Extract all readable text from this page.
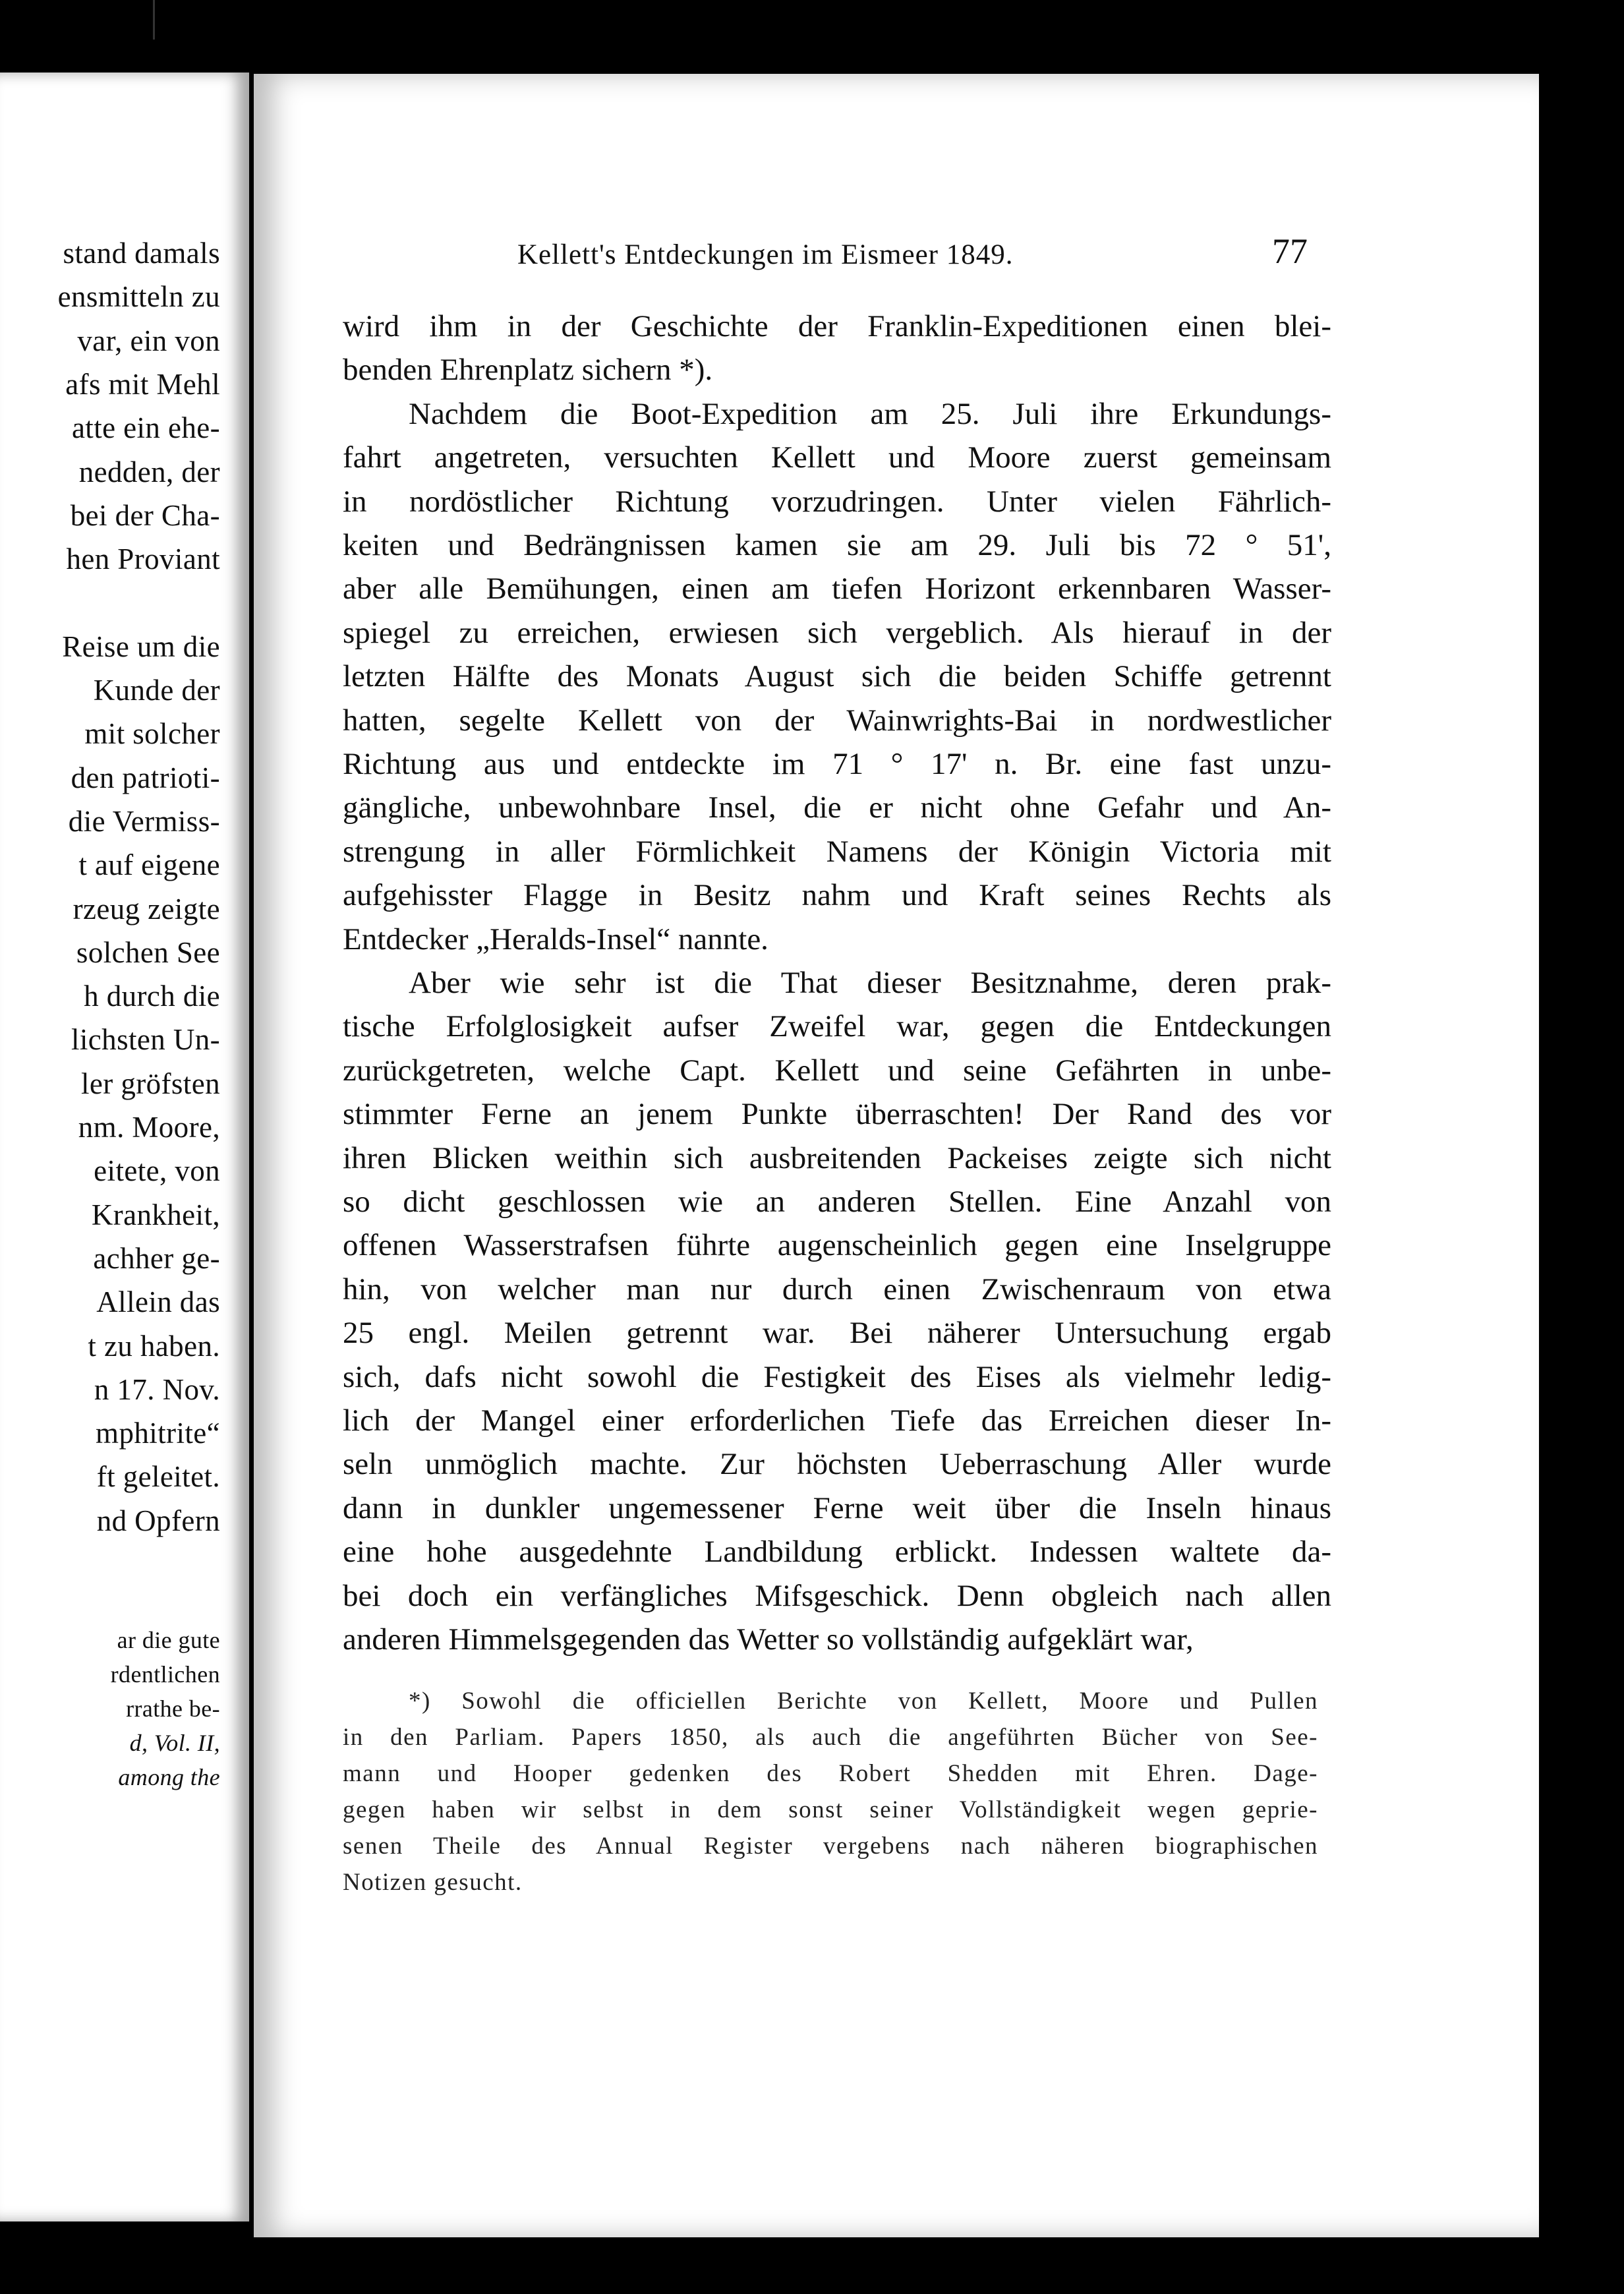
stand damals
ensmitteln zu
var, ein von
afs mit Mehl
atte ein ehe-
nedden, der
bei der Cha-
hen Proviant
Reise um die
Kunde der
mit solcher
den patrioti-
die Vermiss-
t auf eigene
rzeug zeigte
solchen See
h durch die
lichsten Un-
ler gröfsten
nm. Moore,
eitete, von
Krankheit,
achher ge-
Allein das
t zu haben.
n 17. Nov.
mphitrite“
ft geleitet.
nd Opfern
ar die gute
rdentlichen
rrathe be-
d, Vol. II,
among the
Kellett's Entdeckungen im Eismeer 1849.	77
wird ihm in der Geschichte der Franklin-Expeditionen einen blei-
benden Ehrenplatz sichern *).
Nachdem die Boot-Expedition am 25. Juli ihre Erkundungs-
fahrt angetreten, versuchten Kellett und Moore zuerst gemeinsam
in nordöstlicher Richtung vorzudringen. Unter vielen Fährlich-
keiten und Bedrängnissen kamen sie am 29. Juli bis 72 ° 51',
aber alle Bemühungen, einen am tiefen Horizont erkennbaren Wasser-
spiegel zu erreichen, erwiesen sich vergeblich. Als hierauf in der
letzten Hälfte des Monats August sich die beiden Schiffe getrennt
hatten, segelte Kellett von der Wainwrights-Bai in nordwestlicher
Richtung aus und entdeckte im 71 ° 17' n. Br. eine fast unzu-
gängliche, unbewohnbare Insel, die er nicht ohne Gefahr und An-
strengung in aller Förmlichkeit Namens der Königin Victoria mit
aufgehisster Flagge in Besitz nahm und Kraft seines Rechts als
Entdecker „Heralds-Insel“ nannte.
Aber wie sehr ist die That dieser Besitznahme, deren prak-
tische Erfolglosigkeit aufser Zweifel war, gegen die Entdeckungen
zurückgetreten, welche Capt. Kellett und seine Gefährten in unbe-
stimmter Ferne an jenem Punkte überraschten! Der Rand des vor
ihren Blicken weithin sich ausbreitenden Packeises zeigte sich nicht
so dicht geschlossen wie an anderen Stellen. Eine Anzahl von
offenen Wasserstrafsen führte augenscheinlich gegen eine Inselgruppe
hin, von welcher man nur durch einen Zwischenraum von etwa
25 engl. Meilen getrennt war. Bei näherer Untersuchung ergab
sich, dafs nicht sowohl die Festigkeit des Eises als vielmehr ledig-
lich der Mangel einer erforderlichen Tiefe das Erreichen dieser In-
seln unmöglich machte. Zur höchsten Ueberraschung Aller wurde
dann in dunkler ungemessener Ferne weit über die Inseln hinaus
eine hohe ausgedehnte Landbildung erblickt. Indessen waltete da-
bei doch ein verfängliches Mifsgeschick. Denn obgleich nach allen
anderen Himmelsgegenden das Wetter so vollständig aufgeklärt war,
*) Sowohl die officiellen Berichte von Kellett, Moore und Pullen
in den Parliam. Papers 1850, als auch die angeführten Bücher von See-
mann und Hooper gedenken des Robert Shedden mit Ehren. Dage-
gegen haben wir selbst in dem sonst seiner Vollständigkeit wegen geprie-
senen Theile des Annual Register vergebens nach näheren biographischen
Notizen gesucht.
